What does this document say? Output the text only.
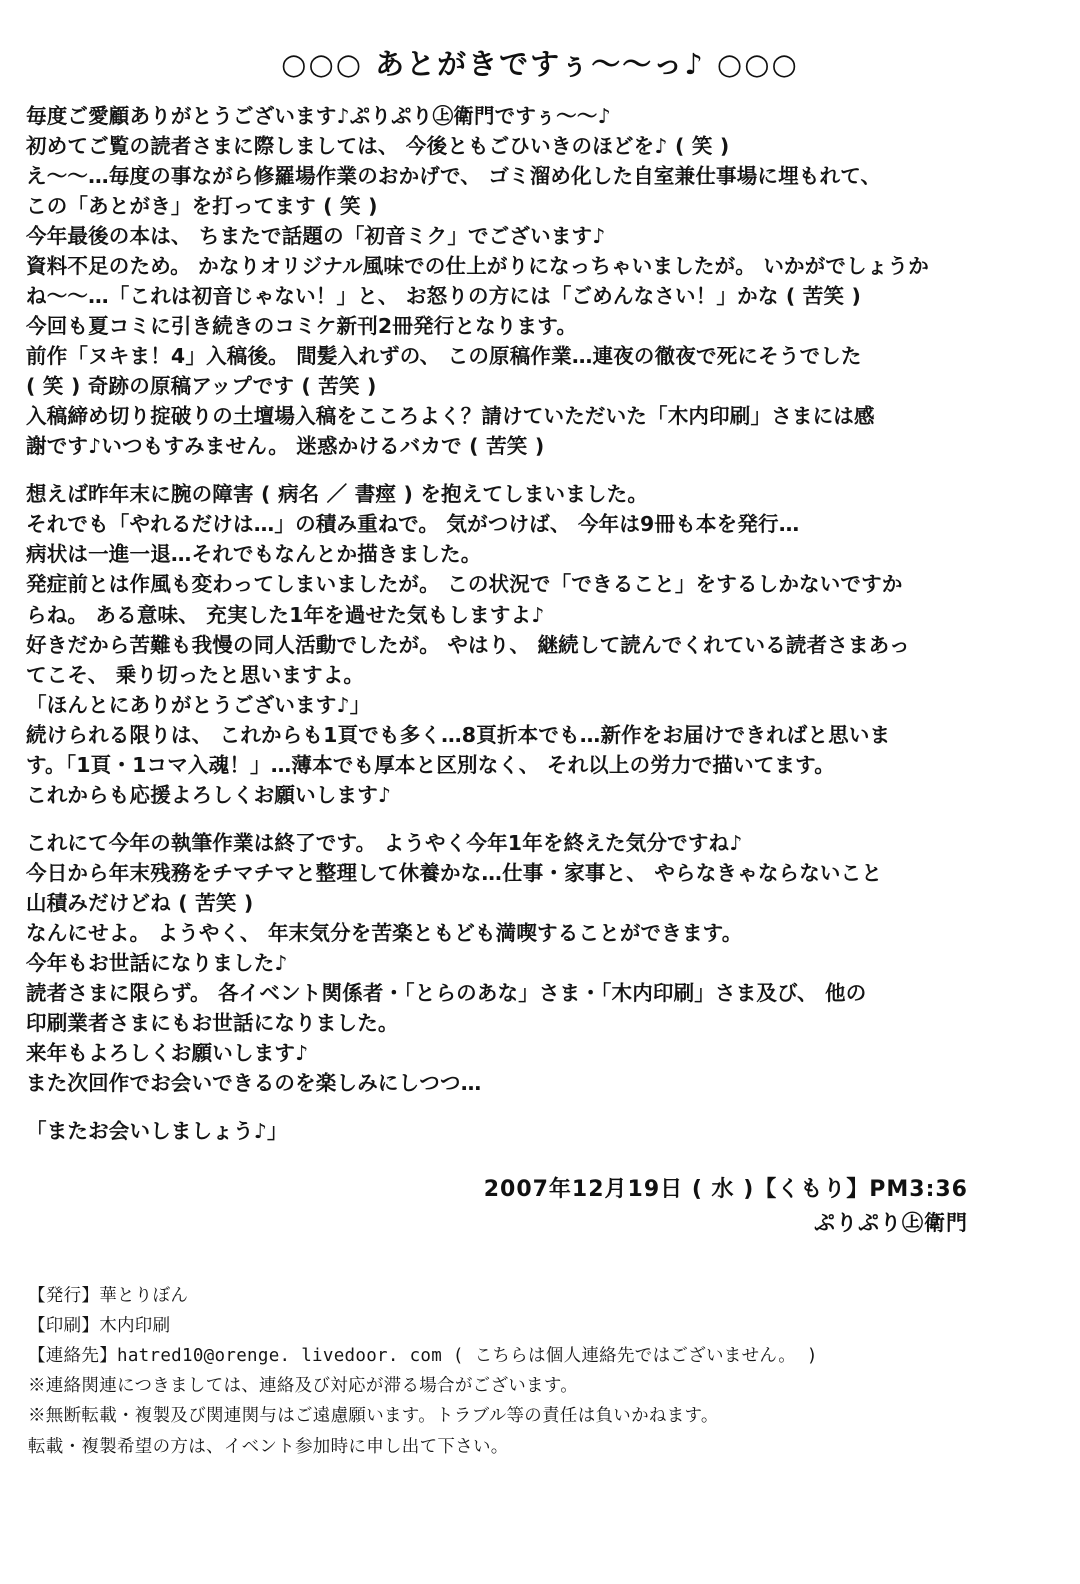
○○○ あとがきですぅ～～っ♪ ○○○

毎度ご愛顧ありがとうございます♪ぷりぷり㊤衛門ですぅ～～♪

初めてご覧の読者さまに際しましては、 今後ともごひいきのほどを♪ ( 笑 )

え～～…毎度の事ながら修羅場作業のおかげで、 ゴミ溜め化した自室兼仕事場に埋もれて、

この「あとがき」を打ってます ( 笑 )

今年最後の本は、 ちまたで話題の「初音ミク」でございます♪

資料不足のため。 かなりオリジナル風味での仕上がりになっちゃいましたが。 いかがでしょうか

ね～～…「これは初音じゃない！」と、 お怒りの方には「ごめんなさい！」かな ( 苦笑 )

今回も夏コミに引き続きのコミケ新刊2冊発行となります。

前作「ヌキま！4」入稿後。 間髪入れずの、 この原稿作業…連夜の徹夜で死にそうでした

( 笑 ) 奇跡の原稿アップです ( 苦笑 )

入稿締め切り掟破りの土壇場入稿をこころよく？請けていただいた「木内印刷」さまには感

謝です♪いつもすみません。 迷惑かけるバカで ( 苦笑 )

想えば昨年末に腕の障害 ( 病名 ／ 書痙 ) を抱えてしまいました。

それでも「やれるだけは…」の積み重ねで。 気がつけば、 今年は9冊も本を発行…

病状は一進一退…それでもなんとか描きました。

発症前とは作風も変わってしまいましたが。 この状況で「できること」をするしかないですか

らね。 ある意味、 充実した1年を過せた気もしますよ♪

好きだから苦難も我慢の同人活動でしたが。 やはり、 継続して読んでくれている読者さまあっ

てこそ、 乗り切ったと思いますよ。

「ほんとにありがとうございます♪」

続けられる限りは、 これからも1頁でも多く…8頁折本でも…新作をお届けできればと思いま

す。「1頁・1コマ入魂！」…薄本でも厚本と区別なく、 それ以上の労力で描いてます。

これからも応援よろしくお願いします♪

これにて今年の執筆作業は終了です。 ようやく今年1年を終えた気分ですね♪

今日から年末残務をチマチマと整理して休養かな…仕事・家事と、 やらなきゃならないこと

山積みだけどね ( 苦笑 )

なんにせよ。 ようやく、 年末気分を苦楽ともども満喫することができます。

今年もお世話になりました♪

読者さまに限らず。 各イベント関係者・「とらのあな」さま・「木内印刷」さま及び、 他の

印刷業者さまにもお世話になりました。

来年もよろしくお願いします♪

また次回作でお会いできるのを楽しみにしつつ…

「またお会いしましょう♪」

2007年12月19日 ( 水 )【くもり】PM3:36
ぷりぷり㊤衛門
【発行】華とりぼん
【印刷】木内印刷
【連絡先】hatred10@orenge. livedoor. com ( こちらは個人連絡先ではございません。 )
※連絡関連につきましては、連絡及び対応が滞る場合がございます。
※無断転載・複製及び関連関与はご遠慮願います。トラブル等の責任は負いかねます。
転載・複製希望の方は、イベント参加時に申し出て下さい。
